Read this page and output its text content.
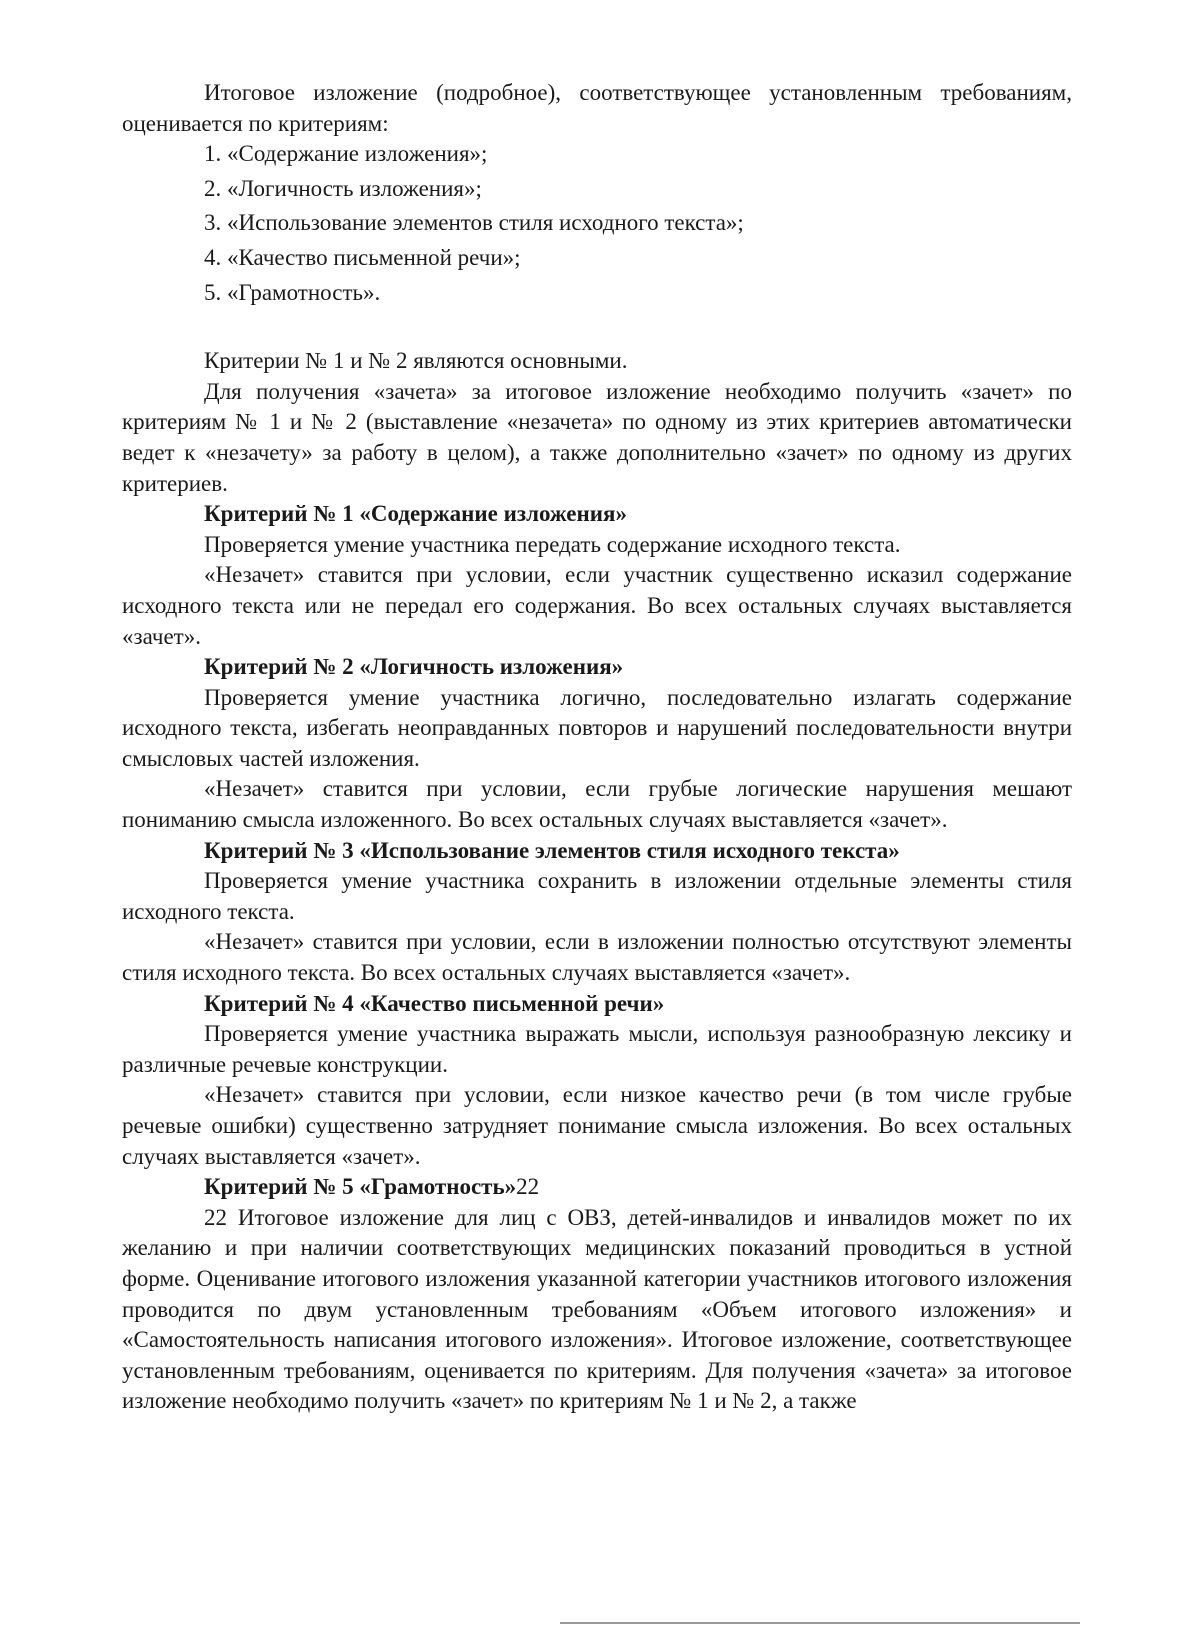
Итоговое изложение (подробное), соответствующее установленным требованиям, оценивается по критериям:

1. «Содержание изложения»;

2. «Логичность изложения»;

3. «Использование элементов стиля исходного текста»;

4. «Качество письменной речи»;

5. «Грамотность».

Критерии № 1 и № 2 являются основными.

Для получения «зачета» за итоговое изложение необходимо получить «зачет» по критериям № 1 и № 2 (выставление «незачета» по одному из этих критериев автоматически ведет к «незачету» за работу в целом), а также дополнительно «зачет» по одному из других критериев.

Критерий № 1 «Содержание изложения»

Проверяется умение участника передать содержание исходного текста.

«Незачет» ставится при условии, если участник существенно исказил содержание исходного текста или не передал его содержания. Во всех остальных случаях выставляется «зачет».

Критерий № 2 «Логичность изложения»

Проверяется умение участника логично, последовательно излагать содержание исходного текста, избегать неоправданных повторов и нарушений последовательности внутри смысловых частей изложения.

«Незачет» ставится при условии, если грубые логические нарушения мешают пониманию смысла изложенного. Во всех остальных случаях выставляется «зачет».

Критерий № 3 «Использование элементов стиля исходного текста»

Проверяется умение участника сохранить в изложении отдельные элементы стиля исходного текста.

«Незачет» ставится при условии, если в изложении полностью отсутствуют элементы стиля исходного текста. Во всех остальных случаях выставляется «зачет».

Критерий № 4 «Качество письменной речи»

Проверяется умение участника выражать мысли, используя разнообразную лексику и различные речевые конструкции.

«Незачет» ставится при условии, если низкое качество речи (в том числе грубые речевые ошибки) существенно затрудняет понимание смысла изложения. Во всех остальных случаях выставляется «зачет».

Критерий № 5 «Грамотность»22

22 Итоговое изложение для лиц с ОВЗ, детей-инвалидов и инвалидов может по их желанию и при наличии соответствующих медицинских показаний проводиться в устной форме. Оценивание итогового изложения указанной категории участников итогового изложения проводится по двум установленным требованиям «Объем итогового изложения» и «Самостоятельность написания итогового изложения». Итоговое изложение, соответствующее установленным требованиям, оценивается по критериям. Для получения «зачета» за итоговое изложение необходимо получить «зачет» по критериям № 1 и № 2, а также
